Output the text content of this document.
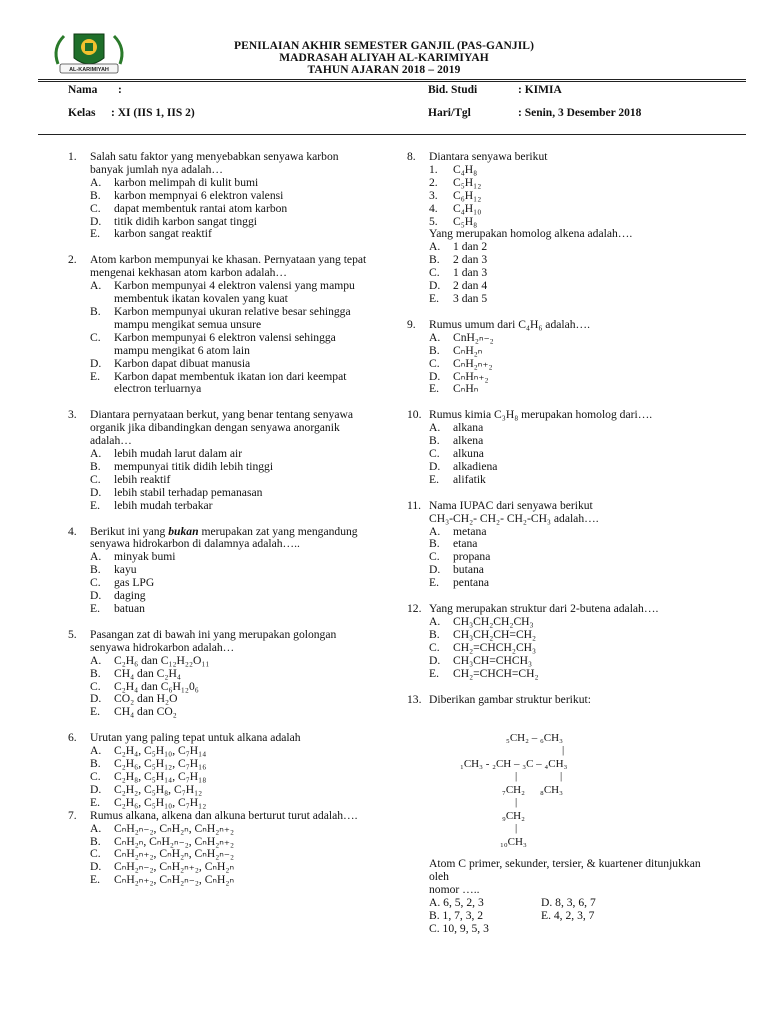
AL-KARIMIYAH
PENILAIAN AKHIR SEMESTER GANJIL (PAS-GANJIL)
MADRASAH ALIYAH AL-KARIMIYAH
TAHUN AJARAN 2018 – 2019
Nama :
Kelas : XI (IIS 1, IIS 2)
Bid. Studi	: KIMIA
Hari/Tgl	: Senin, 3 Desember 2018
1. Salah satu faktor yang menyebabkan senyawa karbon banyak jumlah nya adalah…
A. karbon melimpah di kulit bumi
B. karbon mempnyai 6 elektron valensi
C. dapat membentuk rantai atom karbon
D. titik didih karbon sangat tinggi
E. karbon sangat reaktif
2. Atom karbon mempunyai ke khasan. Pernyataan yang tepat mengenai kekhasan atom karbon adalah…
A. Karbon mempunyai 4 elektron valensi yang mampu membentuk ikatan kovalen yang kuat
B. Karbon mempunyai ukuran relative besar sehingga mampu mengikat semua unsure
C. Karbon mempunyai 6 elektron valensi sehingga mampu mengikat 6 atom lain
D. Karbon dapat dibuat manusia
E. Karbon dapat membentuk ikatan ion dari keempat electron terluarnya
3. Diantara pernyataan berkut, yang benar tentang senyawa organik jika dibandingkan dengan senyawa anorganik adalah…
A. lebih mudah larut dalam air
B. mempunyai titik didih lebih tinggi
C. lebih reaktif
D. lebih stabil terhadap pemanasan
E. lebih mudah terbakar
4. Berikut ini yang bukan merupakan zat yang mengandung senyawa hidrokarbon di dalamnya adalah…..
A. minyak bumi
B. kayu
C. gas LPG
D. daging
E. batuan
5. Pasangan zat di bawah ini yang merupakan golongan senyawa hidrokarbon adalah…
A. C₂H₆ dan C₁₂H₂₂O₁₁
B. CH₄ dan C₂H₄
C. C₂H₄ dan C₆H₁₂0₆
D. CO₂ dan H₂O
E. CH₄ dan CO₂
6. Urutan yang paling tepat untuk alkana adalah
A. C₂H₄, C₅H₁₀, C₇H₁₄
B. C₂H₆, C₅H₁₂, C₇H₁₆
C. C₂H₈, C₅H₁₄, C₇H₁₈
D. C₂H₂, C₅H₈, C₇H₁₂
E. C₂H₆, C₅H₁₀, C₇H₁₂
7. Rumus alkana, alkena dan alkuna berturut turut adalah….
A. CₙH₂ₙ₋₂, CₙH₂ₙ, CₙH₂ₙ₊₂
B. CₙH₂ₙ, CₙH₂ₙ₋₂, CₙH₂ₙ₊₂
C. CₙH₂ₙ₊₂, CₙH₂ₙ, CₙH₂ₙ₋₂
D. CₙH₂ₙ₋₂, CₙH₂ₙ₊₂, CₙH₂ₙ
E. CₙH₂ₙ₊₂, CₙH₂ₙ₋₂, CₙH₂ₙ
8. Diantara senyawa berikut
1. C₄H₈
2. C₅H₁₂
3. C₆H₁₂
4. C₄H₁₀
5. C₅H₈
Yang merupakan homolog alkena adalah….
A. 1 dan 2
B. 2 dan 3
C. 1 dan 3
D. 2 dan 4
E. 3 dan 5
9. Rumus umum dari C₄H₆ adalah….
A. CnH₂ₙ₋₂
B. CₙH₂ₙ
C. CₙH₂ₙ₊₂
D. CₙHₙ₊₂
E. CₙHₙ
10. Rumus kimia C₃H₈ merupakan homolog dari….
A. alkana
B. alkena
C. alkuna
D. alkadiena
E. alifatik
11. Nama IUPAC dari senyawa berikut
CH₃-CH₂- CH₂- CH₂-CH₃ adalah….
A. metana
B. etana
C. propana
D. butana
E. pentana
12. Yang merupakan struktur dari 2-butena adalah….
A. CH₃CH₂CH₂CH₃
B. CH₃CH₂CH=CH₂
C. CH₂=CHCH₂CH₃
D. CH₃CH=CHCH₃
E. CH₂=CHCH=CH₂
13. Diberikan gambar struktur berikut:
₅CH₂ – ₆CH₃
|
₁CH₃ - ₂CH – ₃C – ₄CH₃
|	|
₇CH₂ ₈CH₃
|
₉CH₂
|
₁₀CH₃
Atom C primer, sekunder, tersier, & kuartener ditunjukkan oleh
nomor …..
A. 6, 5, 2, 3	D. 8, 3, 6, 7
B. 1, 7, 3, 2	E. 4, 2, 3, 7
C. 10, 9, 5, 3
